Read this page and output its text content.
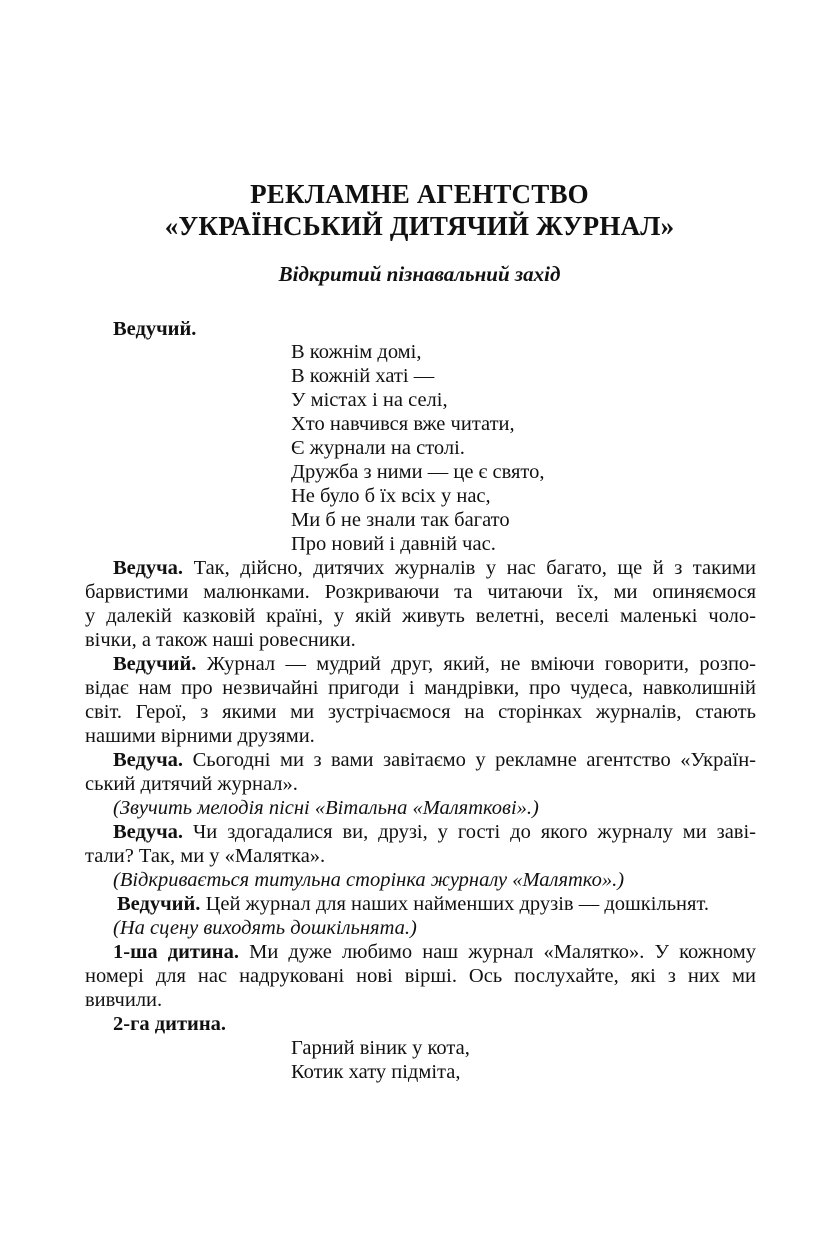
РЕКЛАМНЕ АГЕНТСТВО
«УКРАЇНСЬКИЙ ДИТЯЧИЙ ЖУРНАЛ»
Відкритий пізнавальний захід
Ведучий.
В кожнім домі,
В кожній хаті —
У містах і на селі,
Хто навчився вже читати,
Є журнали на столі.
Дружба з ними — це є свято,
Не було б їх всіх у нас,
Ми б не знали так багато
Про новий і давній час.
Ведуча. Так, дійсно, дитячих журналів у нас багато, ще й з такими
барвистими малюнками. Розкриваючи та читаючи їх, ми опиняємося
у далекій казковій країні, у якій живуть велетні, веселі маленькі чоло-
вічки, а також наші ровесники.
Ведучий. Журнал — мудрий друг, який, не вміючи говорити, розпо-
відає нам про незвичайні пригоди і мандрівки, про чудеса, навколишній
світ. Герої, з якими ми зустрічаємося на сторінках журналів, стають
нашими вірними друзями.
Ведуча. Сьогодні ми з вами завітаємо у рекламне агентство «Україн-
ський дитячий журнал».
(Звучить мелодія пісні «Вітальна «Маляткові».)
Ведуча. Чи здогадалися ви, друзі, у гості до якого журналу ми заві-
тали? Так, ми у «Малятка».
(Відкривається титульна сторінка журналу «Малятко».)
Ведучий. Цей журнал для наших найменших друзів — дошкільнят.
(На сцену виходять дошкільнята.)
1-ша дитина. Ми дуже любимо наш журнал «Малятко». У кожному
номері для нас надруковані нові вірші. Ось послухайте, які з них ми
вивчили.
2-га дитина.
Гарний віник у кота,
Котик хату підміта,
